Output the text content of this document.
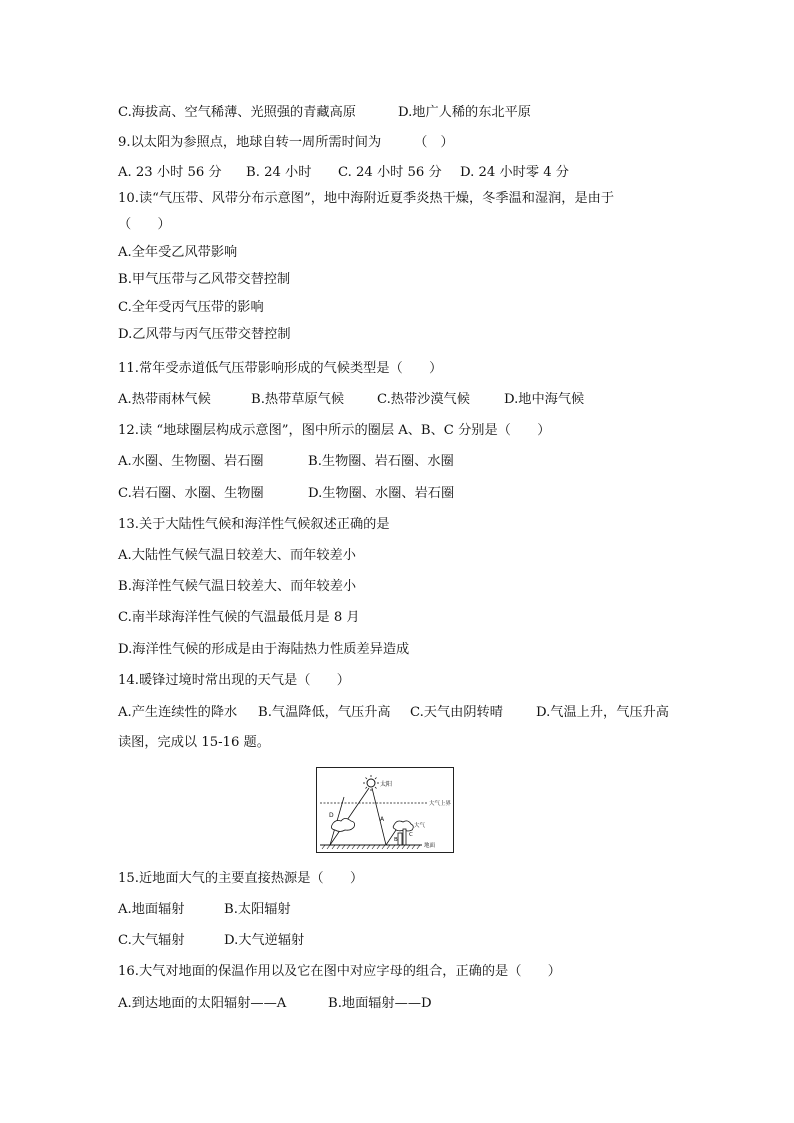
C.海拔高、空气稀薄、光照强的青藏高原	D.地广人稀的东北平原
9.以太阳为参照点，地球自转一周所需时间为　　　（　）
A. 23 小时 56 分	B. 24 小时	C. 24 小时 56 分	D. 24 小时零 4 分
10.读“气压带、风带分布示意图”，地中海附近夏季炎热干燥，冬季温和湿润，是由于
（　　）
A.全年受乙风带影响
B.甲气压带与乙风带交替控制
C.全年受丙气压带的影响
D.乙风带与丙气压带交替控制
11.常年受赤道低气压带影响形成的气候类型是（　　）
A.热带雨林气候	B.热带草原气候	C.热带沙漠气候	D.地中海气候
12.读 “地球圈层构成示意图”，图中所示的圈层 A、B、C 分别是（　　）
A.水圈、生物圈、岩石圈	B.生物圈、岩石圈、水圈
C.岩石圈、水圈、生物圈	D.生物圈、水圈、岩石圈
13.关于大陆性气候和海洋性气候叙述正确的是
A.大陆性气候气温日较差大、而年较差小
B.海洋性气候气温日较差大、而年较差小
C.南半球海洋性气候的气温最低月是 8 月
D.海洋性气候的形成是由于海陆热力性质差异造成
14.暖锋过境时常出现的天气是（　　）
A.产生连续性的降水	B.气温降低，气压升高	C.天气由阴转晴	D.气温上升，气压升高
读图，完成以 15-16 题。
太阳
大气上界
D
A
B
C
大气
地面
15.近地面大气的主要直接热源是（　　）
A.地面辐射	B.太阳辐射
C.大气辐射	D.大气逆辐射
16.大气对地面的保温作用以及它在图中对应字母的组合，正确的是（　　）
A.到达地面的太阳辐射——A	B.地面辐射——D
